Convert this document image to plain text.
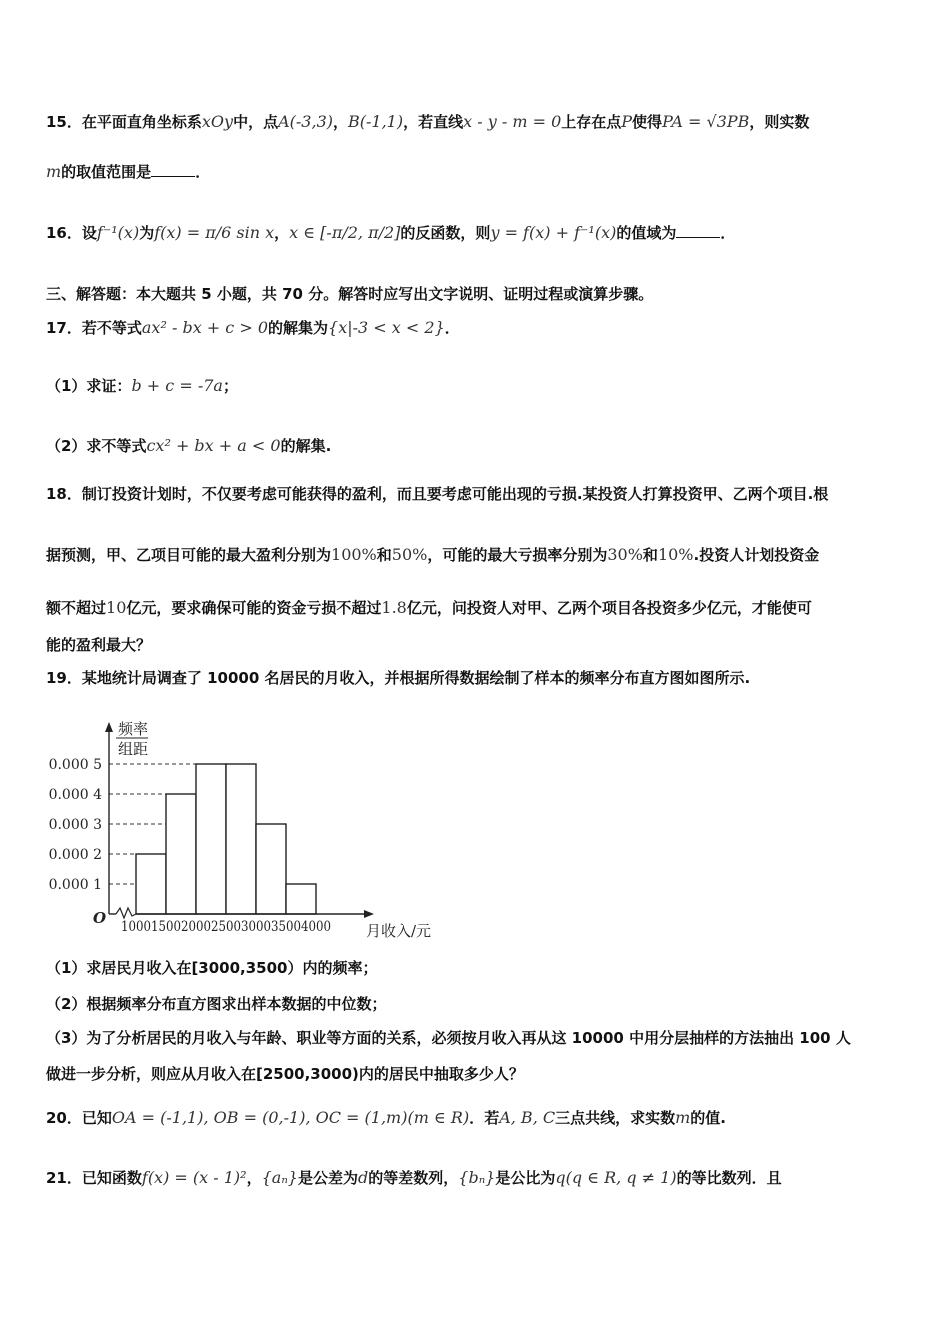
15．在平面直角坐标系xOy中，点A(-3,3)，B(-1,1)，若直线x - y - m = 0上存在点P使得PA = √3PB，则实数
m的取值范围是	．
16．设f⁻¹(x)为f(x) = π/6 sin x，x ∈ [-π/2, π/2]的反函数，则y = f(x) + f⁻¹(x)的值域为	．
三、解答题：本大题共 5 小题，共 70 分。解答时应写出文字说明、证明过程或演算步骤。
17．若不等式ax² - bx + c > 0的解集为{x|-3 < x < 2}．
（1）求证：b + c = -7a；
（2）求不等式cx² + bx + a < 0的解集.
18．制订投资计划时，不仅要考虑可能获得的盈利，而且要考虑可能出现的亏损.某投资人打算投资甲、乙两个项目.根
据预测，甲、乙项目可能的最大盈利分别为100%和50%，可能的最大亏损率分别为30%和10%.投资人计划投资金
额不超过10亿元，要求确保可能的资金亏损不超过1.8亿元，问投资人对甲、乙两个项目各投资多少亿元，才能使可
能的盈利最大？
19．某地统计局调查了 10000 名居民的月收入，并根据所得数据绘制了样本的频率分布直方图如图所示.
频率
组距
0.000 1
0.000 2
0.000 3
0.000 4
0.000 5
1000 1500 2000 2500 3000 3500 4000
O
月收入/元
（1）求居民月收入在[3000,3500）内的频率；
（2）根据频率分布直方图求出样本数据的中位数；
（3）为了分析居民的月收入与年龄、职业等方面的关系，必须按月收入再从这 10000 中用分层抽样的方法抽出 100 人
做进一步分析，则应从月收入在[2500,3000)内的居民中抽取多少人？
20．已知OA = (-1,1), OB = (0,-1), OC = (1,m)(m ∈ R)．若A, B, C三点共线，求实数m的值.
21．已知函数f(x) = (x - 1)²，{aₙ}是公差为d的等差数列，{bₙ}是公比为q(q ∈ R, q ≠ 1)的等比数列．且
